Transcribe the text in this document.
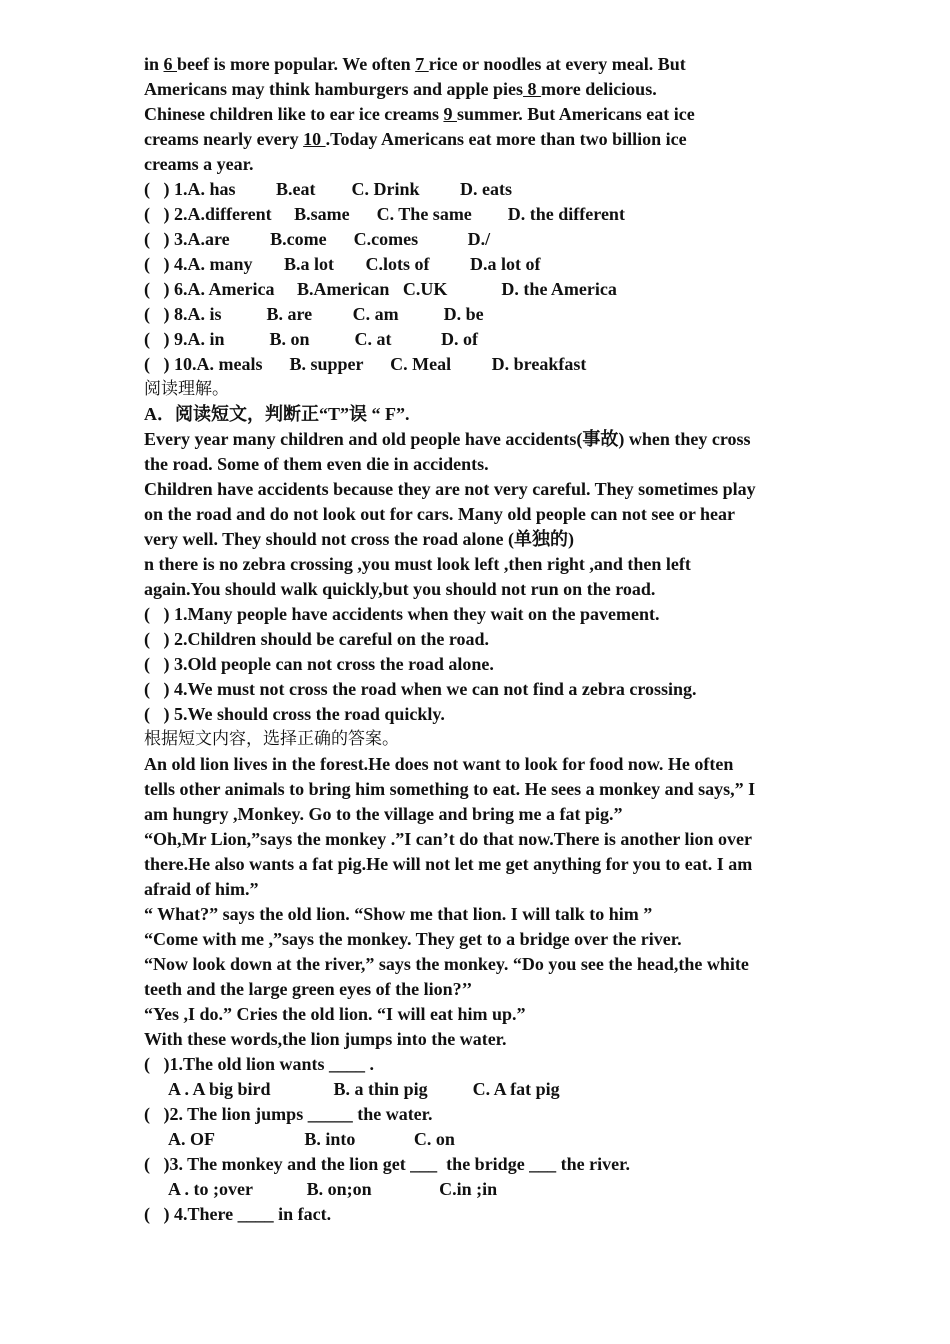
in 6 beef is more popular. We often 7 rice or noodles at every meal. But
Americans may think hamburgers and apple pies 8 more delicious.
Chinese children like to ear ice creams 9 summer. But Americans eat ice
creams nearly every 10 .Today Americans eat more than two billion ice
creams a year.
(   ) 1.A. has         B.eat        C. Drink         D. eats
(   ) 2.A.different     B.same      C. The same        D. the different
(   ) 3.A.are         B.come      C.comes           D./
(   ) 4.A. many       B.a lot       C.lots of         D.a lot of
(   ) 6.A. America     B.American   C.UK            D. the America
(   ) 8.A. is          B. are         C. am          D. be
(   ) 9.A. in          B. on          C. at           D. of
(   ) 10.A. meals      B. supper      C. Meal         D. breakfast
阅读理解。
A．阅读短文，判断正“T”误 “ F”.
Every year many children and old people have accidents(事故) when they cross
the road. Some of them even die in accidents.
Children have accidents because they are not very careful. They sometimes play
on the road and do not look out for cars. Many old people can not see or hear
very well. They should not cross the road alone (单独的)
n there is no zebra crossing ,you must look left ,then right ,and then left
again.You should walk quickly,but you should not run on the road.
(   ) 1.Many people have accidents when they wait on the pavement.
(   ) 2.Children should be careful on the road.
(   ) 3.Old people can not cross the road alone.
(   ) 4.We must not cross the road when we can not find a zebra crossing.
(   ) 5.We should cross the road quickly.
根据短文内容，选择正确的答案。
An old lion lives in the forest.He does not want to look for food now. He often
tells other animals to bring him something to eat. He sees a monkey and says,” I
am hungry ,Monkey. Go to the village and bring me a fat pig.”
“Oh,Mr Lion,”says the monkey .”I can’t do that now.There is another lion over
there.He also wants a fat pig.He will not let me get anything for you to eat. I am
afraid of him.”
“ What?” says the old lion. “Show me that lion. I will talk to him ”
“Come with me ,”says the monkey. They get to a bridge over the river.
“Now look down at the river,” says the monkey. “Do you see the head,the white
teeth and the large green eyes of the lion?’’
“Yes ,I do.” Cries the old lion. “I will eat him up.”
With these words,the lion jumps into the water.
(   )1.The old lion wants ____ .
A . A big bird              B. a thin pig          C. A fat pig
(   )2. The lion jumps _____ the water.
A. OF                    B. into             C. on
(   )3. The monkey and the lion get ___  the bridge ___ the river.
A . to ;over            B. on;on               C.in ;in
(   ) 4.There ____ in fact.
